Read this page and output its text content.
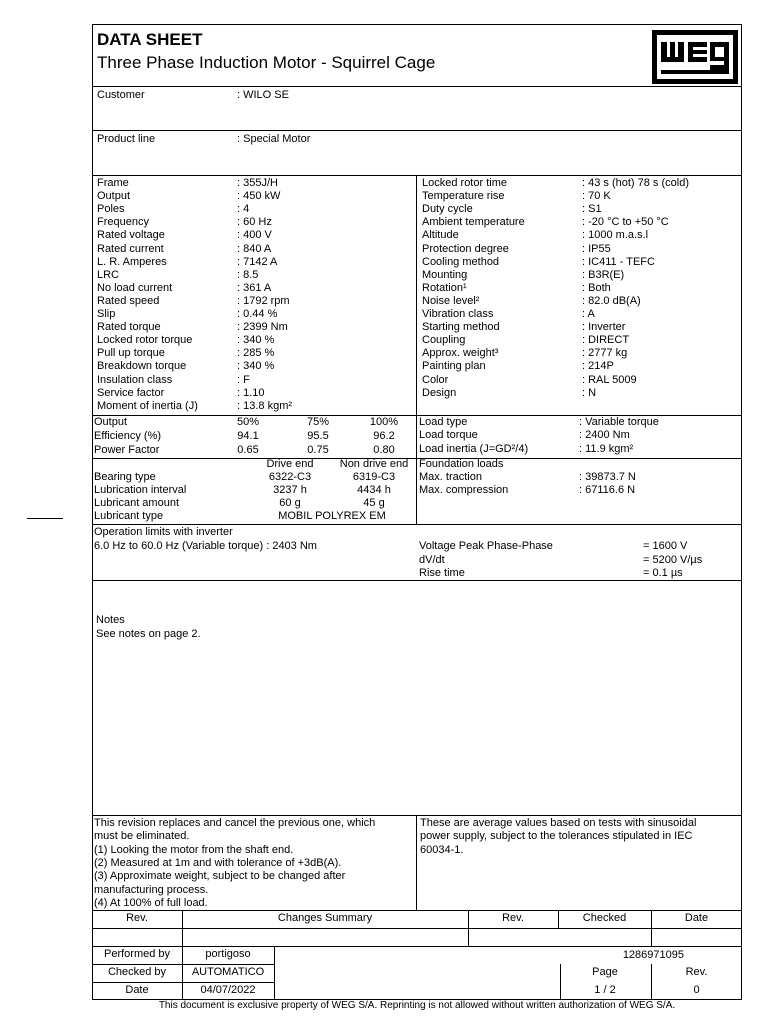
DATA SHEET
Three Phase Induction Motor - Squirrel Cage
Customer	: WILO SE
Product line	: Special Motor
Frame	: 355J/H
Output	: 450 kW
Poles	: 4
Frequency	: 60 Hz
Rated voltage	: 400 V
Rated current	: 840 A
L. R. Amperes	: 7142 A
LRC	: 8.5
No load current	: 361 A
Rated speed	: 1792 rpm
Slip	: 0.44 %
Rated torque	: 2399 Nm
Locked rotor torque	: 340 %
Pull up torque	: 285 %
Breakdown torque	: 340 %
Insulation class	: F
Service factor	: 1.10
Moment of inertia (J)	: 13.8 kgm²
Locked rotor time	: 43 s (hot) 78 s (cold)
Temperature rise	: 70 K
Duty cycle	: S1
Ambient temperature	: -20 °C to +50 °C
Altitude	: 1000 m.a.s.l
Protection degree	: IP55
Cooling method	: IC411 - TEFC
Mounting	: B3R(E)
Rotation¹	: Both
Noise level²	: 82.0 dB(A)
Vibration class	: A
Starting method	: Inverter
Coupling	: DIRECT
Approx. weight³	: 2777 kg
Painting plan	: 214P
Color	: RAL 5009
Design	: N
Output	50%	75%	100%
Efficiency (%)	94.1	95.5	96.2
Power Factor	0.65	0.75	0.80
Load type	: Variable torque
Load torque	: 2400 Nm
Load inertia (J=GD²/4)	: 11.9 kgm²
Drive end	Non drive end
Bearing type	6322-C3	6319-C3
Lubrication interval	3237 h	4434 h
Lubricant amount	60 g	45 g
Lubricant type	MOBIL POLYREX EM
Foundation loads
Max. traction	: 39873.7 N
Max. compression	: 67116.6 N
Operation limits with inverter
6.0 Hz to 60.0 Hz (Variable torque) : 2403 Nm	Voltage Peak Phase-Phase	= 1600 V
dV/dt	= 5200 V/µs
Rise time	= 0.1 µs
Notes
See notes on page 2.
This revision replaces and cancel the previous one, which
must be eliminated.
(1) Looking the motor from the shaft end.
(2) Measured at 1m and with tolerance of +3dB(A).
(3) Approximate weight, subject to be changed after
manufacturing process.
(4) At 100% of full load.
These are average values based on tests with sinusoidal
power supply, subject to the tolerances stipulated in IEC
60034-1.
Rev.	Changes Summary	Rev.	Checked	Date
Performed by	portigoso
Checked by	AUTOMATICO
Date	04/07/2022
1286971095
Page	Rev.
1 / 2	0
This document is exclusive property of WEG S/A. Reprinting is not allowed without written authorization of WEG S/A.
